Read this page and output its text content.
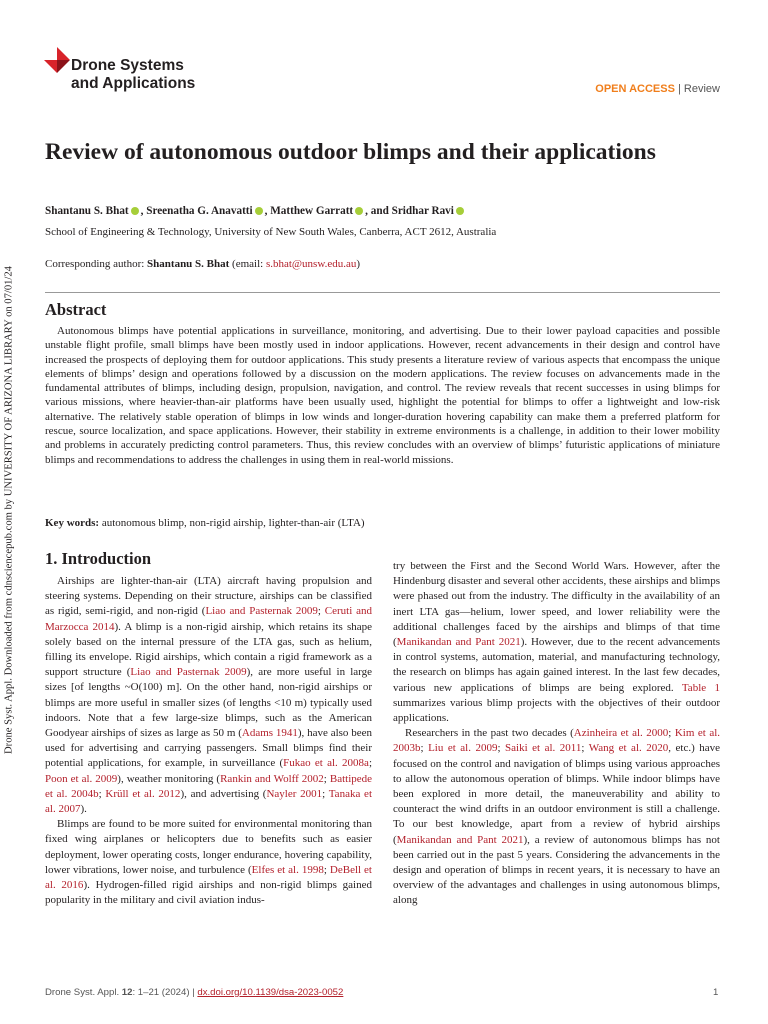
Drone Syst. Appl. Downloaded from cdnsciencepub.com by UNIVERSITY OF ARIZONA LIBRARY on 07/01/24
Drone Systems
and Applications	OPEN ACCESS | Review
Review of autonomous outdoor blimps and their applications
Shantanu S. Bhat , Sreenatha G. Anavatti , Matthew Garratt , and Sridhar Ravi
School of Engineering & Technology, University of New South Wales, Canberra, ACT 2612, Australia
Corresponding author: Shantanu S. Bhat (email: s.bhat@unsw.edu.au)
Abstract

Autonomous blimps have potential applications in surveillance, monitoring, and advertising. Due to their lower payload capacities and possible unstable flight profile, small blimps have been mostly used in indoor applications. However, recent advancements in their design and control have increased the prospects of deploying them for outdoor applications. This study presents a literature review of various aspects that encompass the unique elements of blimps’ design and operations followed by a discussion on the modern applications. The review focuses on advancements made in the fundamental attributes of blimps, including design, propulsion, navigation, and control. The review reveals that recent successes in using blimps for various missions, where heavier-than-air platforms have been usually used, highlight the potential for blimps to offer a lightweight and low-risk alternative. The relatively stable operation of blimps in low winds and longer-duration hovering capability can make them a preferred platform for rescue, source localization, and space applications. However, their stability in extreme environments is a challenge, in addition to their lower mobility and problems in accurately predicting control parameters. Thus, this review concludes with an overview of blimps’ futuristic applications of miniature blimps and recommendations to address the challenges in using them in real-world missions.

Key words: autonomous blimp, non-rigid airship, lighter-than-air (LTA)
1. Introduction

Airships are lighter-than-air (LTA) aircraft having propulsion and steering systems. Depending on their structure, airships can be classified as rigid, semi-rigid, and non-rigid (Liao and Pasternak 2009; Ceruti and Marzocca 2014). A blimp is a non-rigid airship, which retains its shape solely based on the internal pressure of the LTA gas, such as helium, filling its envelope. Rigid airships, which contain a rigid framework as a support structure (Liao and Pasternak 2009), are more useful in large sizes [of lengths ~O(100) m]. On the other hand, non-rigid airships or blimps are more useful in smaller sizes (of lengths <10 m) typically used indoors. Note that a few large-size blimps, such as the American Goodyear airships of sizes as large as 50 m (Adams 1941), have also been used for advertising and carrying passengers. Small blimps find their potential applications, for example, in surveillance (Fukao et al. 2008a; Poon et al. 2009), weather monitoring (Rankin and Wolff 2002; Battipede et al. 2004b; Krüll et al. 2012), and advertising (Nayler 2001; Tanaka et al. 2007).

Blimps are found to be more suited for environmental monitoring than fixed wing airplanes or helicopters due to benefits such as easier deployment, lower operating costs, longer endurance, hovering capability, lower vibrations, lower noise, and turbulence (Elfes et al. 1998; DeBell et al. 2016). Hydrogen-filled rigid airships and non-rigid blimps gained popularity in the military and civil aviation indus-

try between the First and the Second World Wars. However, after the Hindenburg disaster and several other accidents, these airships and blimps were phased out from the industry. The difficulty in the availability of an inert LTA gas—helium, lower speed, and lower reliability were the additional challenges faced by the airships and blimps of that time (Manikandan and Pant 2021). However, due to the recent advancements in control systems, automation, material, and manufacturing technology, the research on blimps has again gained interest. In the last few decades, various new applications of blimps are being explored. Table 1 summarizes various blimp projects with the objectives of their outdoor applications.

Researchers in the past two decades (Azinheira et al. 2000; Kim et al. 2003b; Liu et al. 2009; Saiki et al. 2011; Wang et al. 2020, etc.) have focused on the control and navigation of blimps using various approaches to allow the autonomous operation of blimps. While indoor blimps have been explored in more detail, the maneuverability and ability to counteract the wind drifts in an outdoor environment is still a challenge. To our best knowledge, apart from a review of hybrid airships (Manikandan and Pant 2021), a review of autonomous blimps has not been carried out in the past 5 years. Considering the advancements in the design and operation of blimps in recent years, it is necessary to have an overview of the advantages and challenges in using autonomous blimps, along

Drone Syst. Appl. 12: 1–21 (2024) | dx.doi.org/10.1139/dsa-2023-0052	1
